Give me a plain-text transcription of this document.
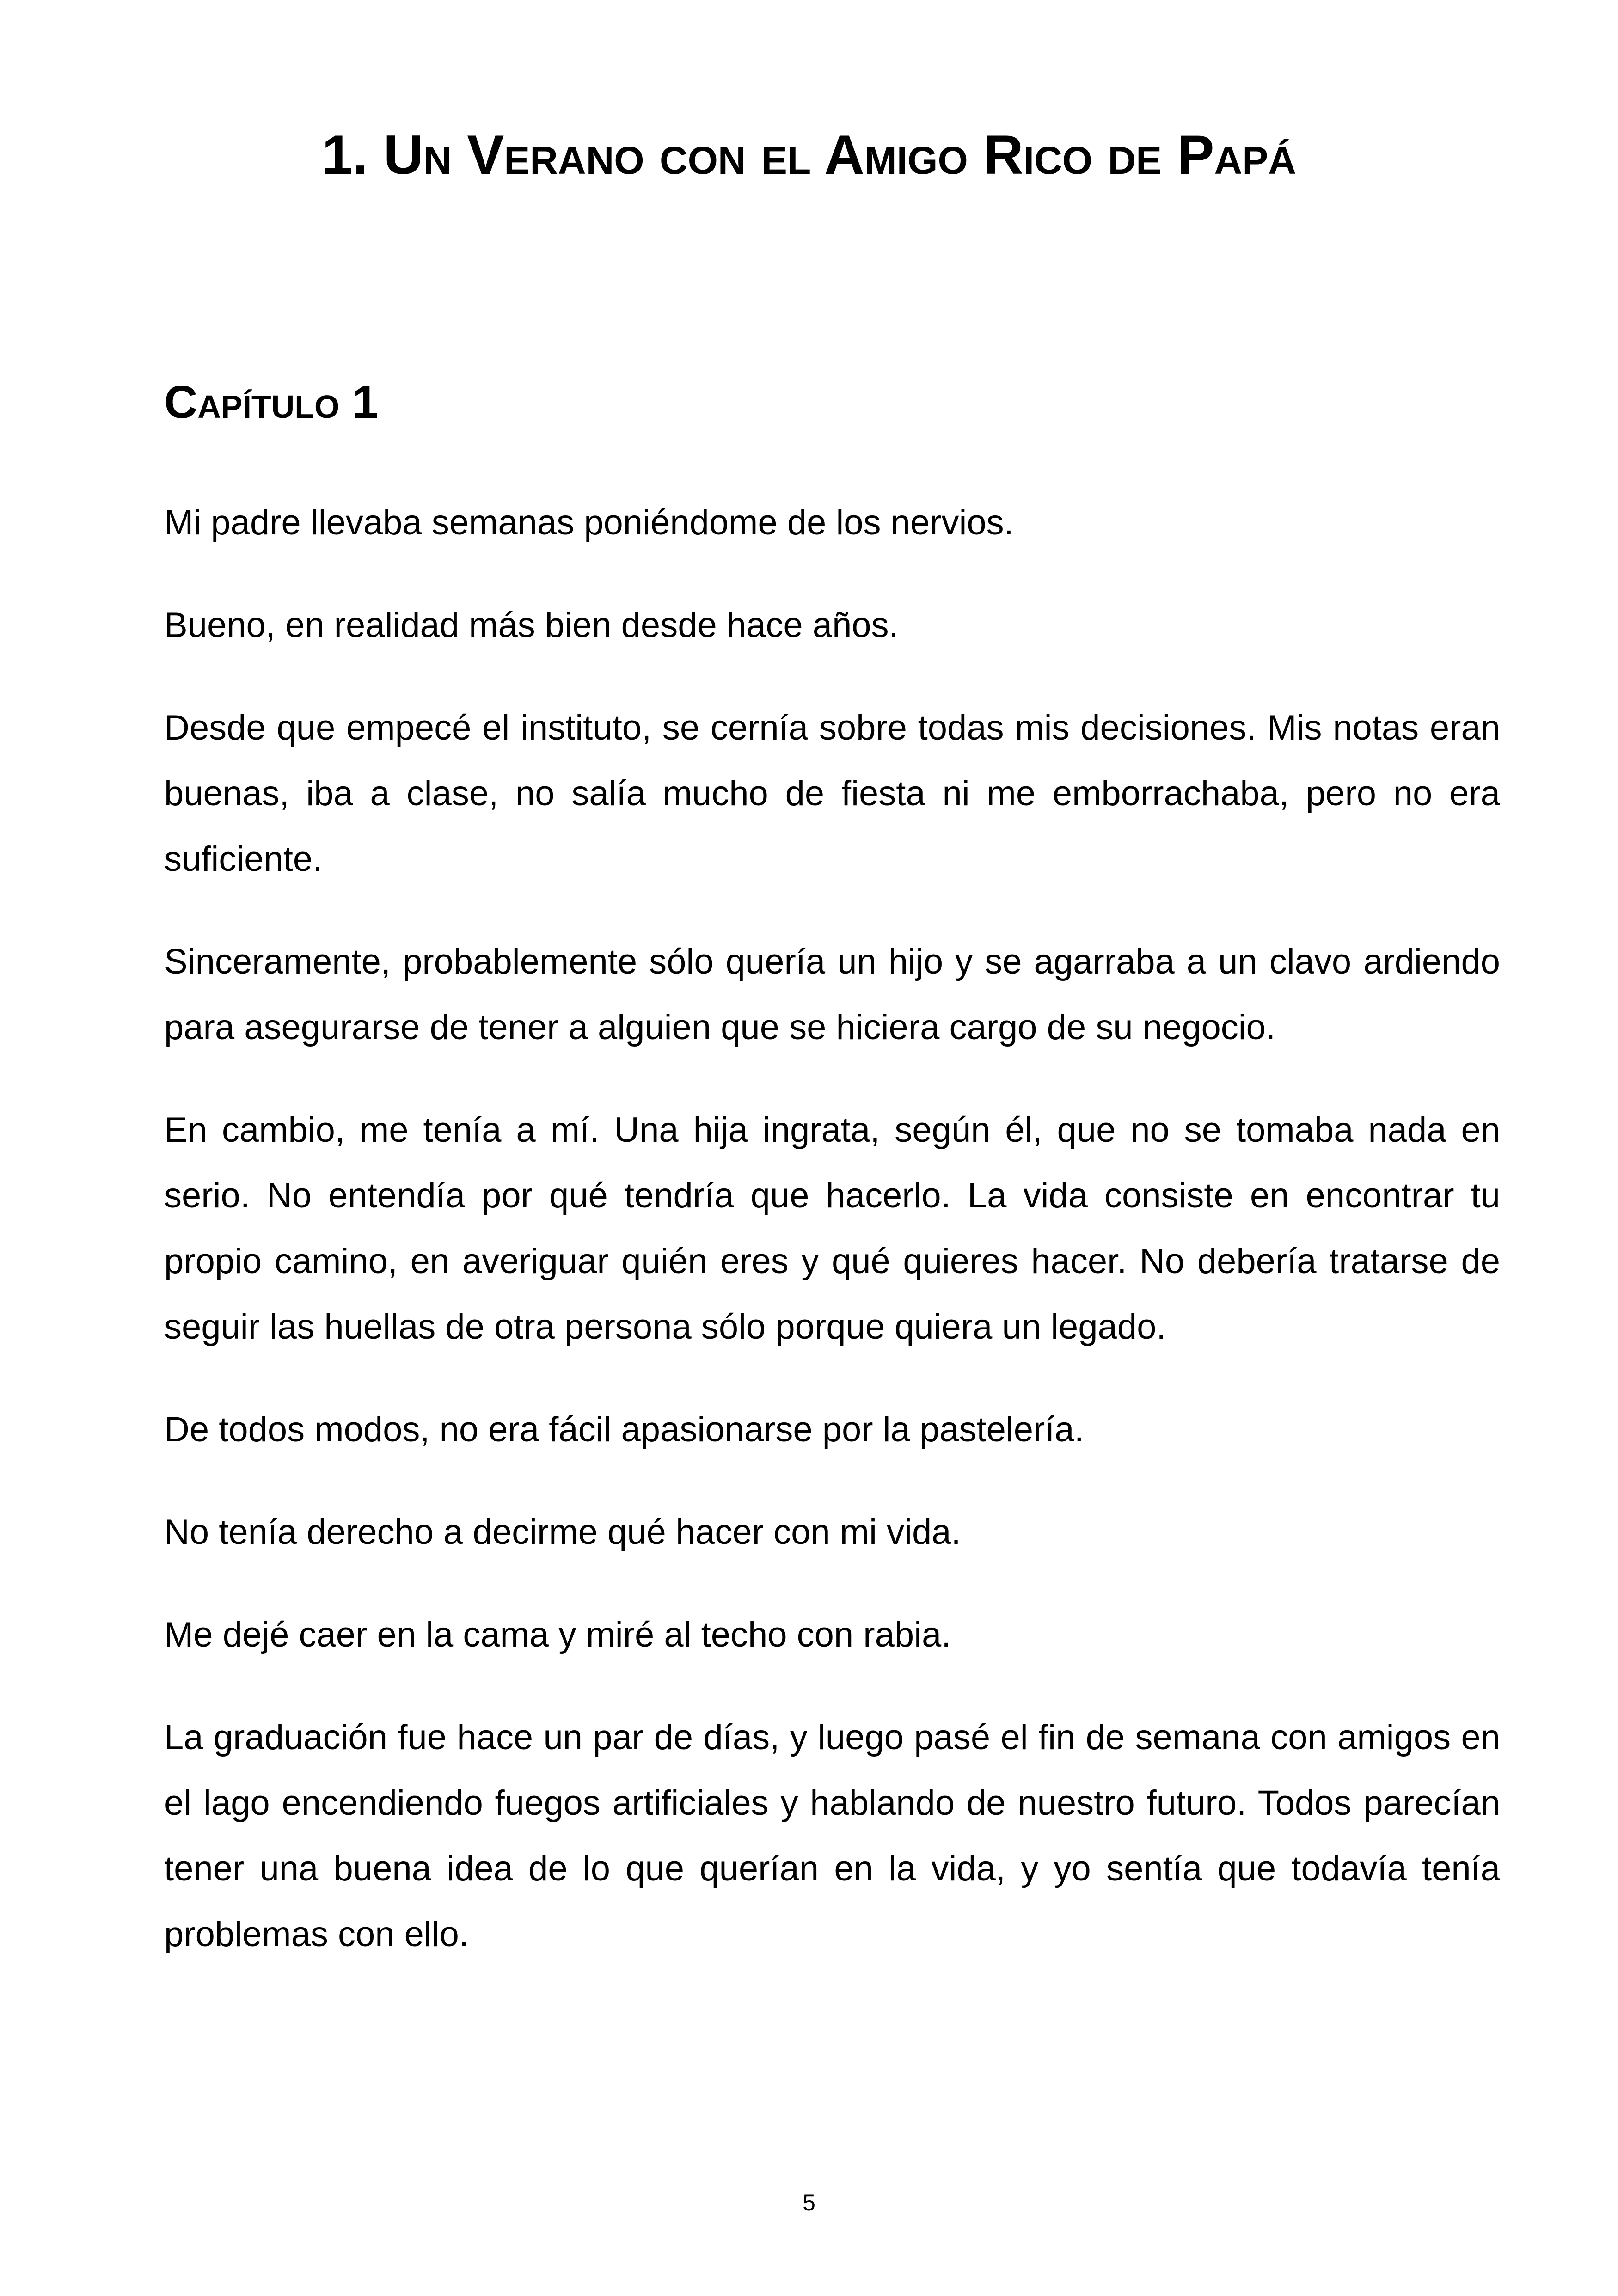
1. Un Verano con el Amigo Rico de Papá
Capítulo 1

Mi padre llevaba semanas poniéndome de los nervios.

Bueno, en realidad más bien desde hace años.

Desde que empecé el instituto, se cernía sobre todas mis decisiones. Mis notas eran buenas, iba a clase, no salía mucho de fiesta ni me emborrachaba, pero no era suficiente.

Sinceramente, probablemente sólo quería un hijo y se agarraba a un clavo ardiendo para asegurarse de tener a alguien que se hiciera cargo de su negocio.

En cambio, me tenía a mí. Una hija ingrata, según él, que no se tomaba nada en serio. No entendía por qué tendría que hacerlo. La vida consiste en encontrar tu propio camino, en averiguar quién eres y qué quieres hacer. No debería tratarse de seguir las huellas de otra persona sólo porque quiera un legado.

De todos modos, no era fácil apasionarse por la pastelería.

No tenía derecho a decirme qué hacer con mi vida.

Me dejé caer en la cama y miré al techo con rabia.

La graduación fue hace un par de días, y luego pasé el fin de semana con amigos en el lago encendiendo fuegos artificiales y hablando de nuestro futuro. Todos parecían tener una buena idea de lo que querían en la vida, y yo sentía que todavía tenía problemas con ello.

5
